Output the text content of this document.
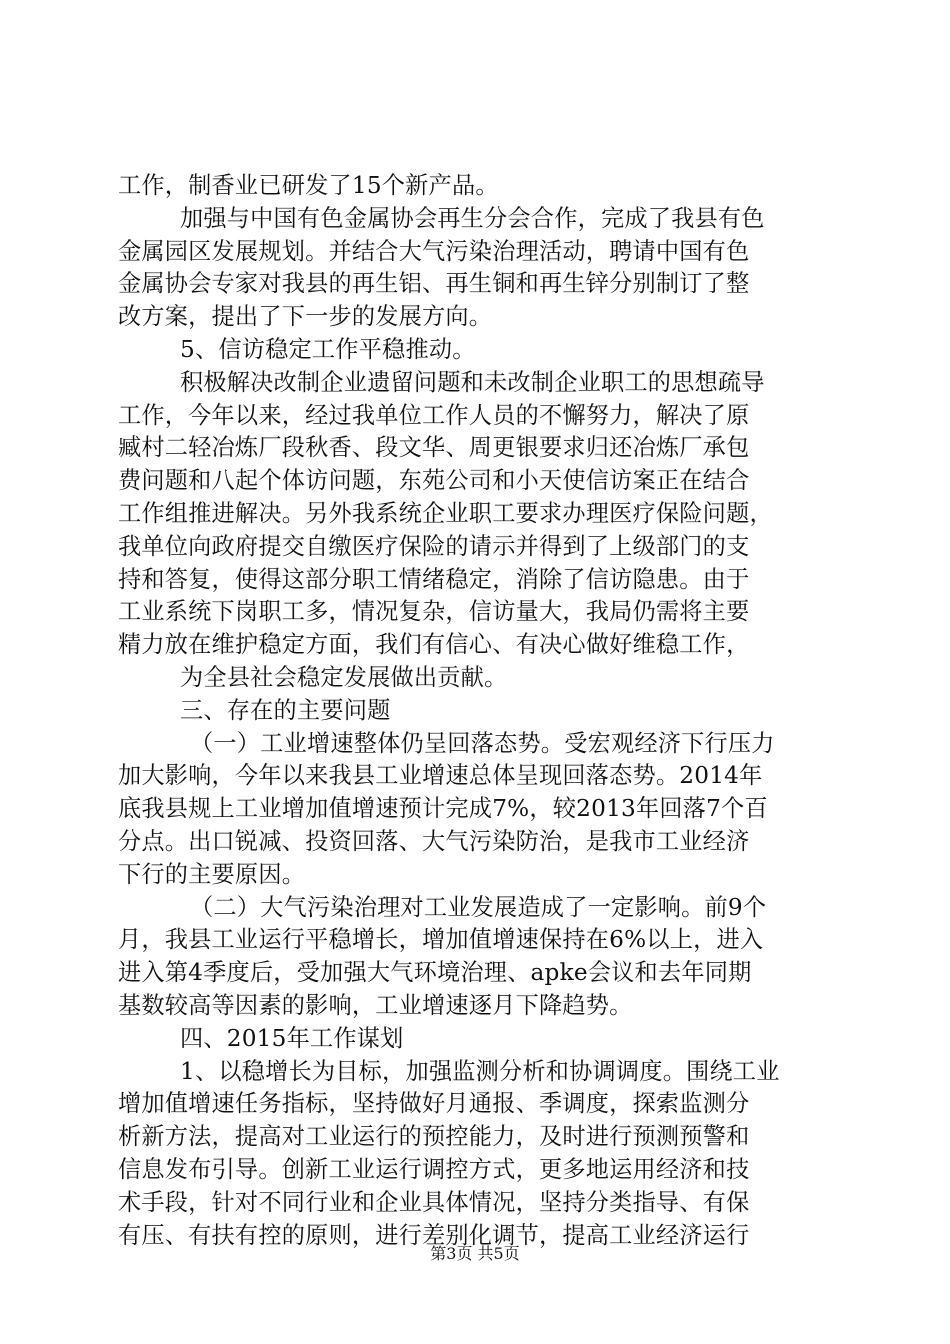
工作，制香业已研发了15个新产品。
加强与中国有色金属协会再生分会合作，完成了我县有色
金属园区发展规划。并结合大气污染治理活动，聘请中国有色
金属协会专家对我县的再生铝、再生铜和再生锌分别制订了整
改方案，提出了下一步的发展方向。
5、信访稳定工作平稳推动。
积极解决改制企业遗留问题和未改制企业职工的思想疏导
工作，今年以来，经过我单位工作人员的不懈努力，解决了原
臧村二轻冶炼厂段秋香、段文华、周更银要求归还冶炼厂承包
费问题和八起个体访问题，东苑公司和小天使信访案正在结合
工作组推进解决。另外我系统企业职工要求办理医疗保险问题，
我单位向政府提交自缴医疗保险的请示并得到了上级部门的支
持和答复，使得这部分职工情绪稳定，消除了信访隐患。由于
工业系统下岗职工多，情况复杂，信访量大，我局仍需将主要
精力放在维护稳定方面，我们有信心、有决心做好维稳工作，
为全县社会稳定发展做出贡献。
三、存在的主要问题
（一）工业增速整体仍呈回落态势。受宏观经济下行压力
加大影响，今年以来我县工业增速总体呈现回落态势。2014年
底我县规上工业增加值增速预计完成7%，较2013年回落7个百
分点。出口锐减、投资回落、大气污染防治，是我市工业经济
下行的主要原因。
（二）大气污染治理对工业发展造成了一定影响。前9个
月，我县工业运行平稳增长，增加值增速保持在6%以上，进入
进入第4季度后，受加强大气环境治理、apke会议和去年同期
基数较高等因素的影响，工业增速逐月下降趋势。
四、2015年工作谋划
1、以稳增长为目标，加强监测分析和协调调度。围绕工业
增加值增速任务指标，坚持做好月通报、季调度，探索监测分
析新方法，提高对工业运行的预控能力，及时进行预测预警和
信息发布引导。创新工业运行调控方式，更多地运用经济和技
术手段，针对不同行业和企业具体情况，坚持分类指导、有保
有压、有扶有控的原则，进行差别化调节，提高工业经济运行
第3页 共5页
